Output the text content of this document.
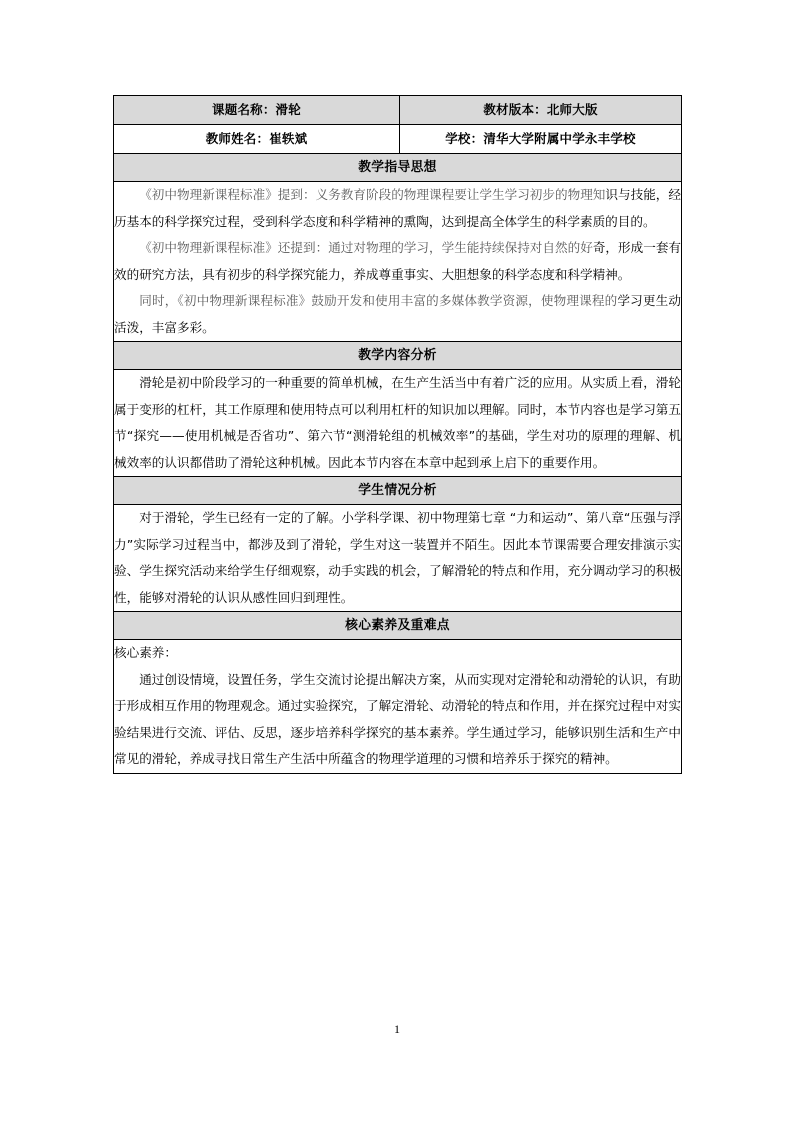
课题名称：滑轮	教材版本：北师大版
教师姓名：崔轶斌	学校：清华大学附属中学永丰学校
教学指导思想	

《初中物理新课程标准》提到：义务教育阶段的物理课程要让学生学习初步的物理知识与技能，经历基本的科学探究过程，受到科学态度和科学精神的熏陶，达到提高全体学生的科学素质的目的。

《初中物理新课程标准》还提到：通过对物理的学习，学生能持续保持对自然的好奇，形成一套有效的研究方法，具有初步的科学探究能力，养成尊重事实、大胆想象的科学态度和科学精神。

同时，《初中物理新课程标准》鼓励开发和使用丰富的多媒体教学资源，使物理课程的学习更生动活泼，丰富多彩。	

教学内容分析	

滑轮是初中阶段学习的一种重要的简单机械，在生产生活当中有着广泛的应用。从实质上看，滑轮属于变形的杠杆，其工作原理和使用特点可以利用杠杆的知识加以理解。同时，本节内容也是学习第五节“探究——使用机械是否省功”、第六节“测滑轮组的机械效率”的基础，学生对功的原理的理解、机械效率的认识都借助了滑轮这种机械。因此本节内容在本章中起到承上启下的重要作用。	

学生情况分析	

对于滑轮，学生已经有一定的了解。小学科学课、初中物理第七章 “力和运动”、第八章“压强与浮力”实际学习过程当中，都涉及到了滑轮，学生对这一装置并不陌生。因此本节课需要合理安排演示实验、学生探究活动来给学生仔细观察，动手实践的机会，了解滑轮的特点和作用，充分调动学习的积极性，能够对滑轮的认识从感性回归到理性。	

核心素养及重难点	

核心素养：

通过创设情境，设置任务，学生交流讨论提出解决方案，从而实现对定滑轮和动滑轮的认识，有助于形成相互作用的物理观念。通过实验探究，了解定滑轮、动滑轮的特点和作用，并在探究过程中对实验结果进行交流、评估、反思，逐步培养科学探究的基本素养。学生通过学习，能够识别生活和生产中常见的滑轮，养成寻找日常生产生活中所蕴含的物理学道理的习惯和培养乐于探究的精神。	

1
